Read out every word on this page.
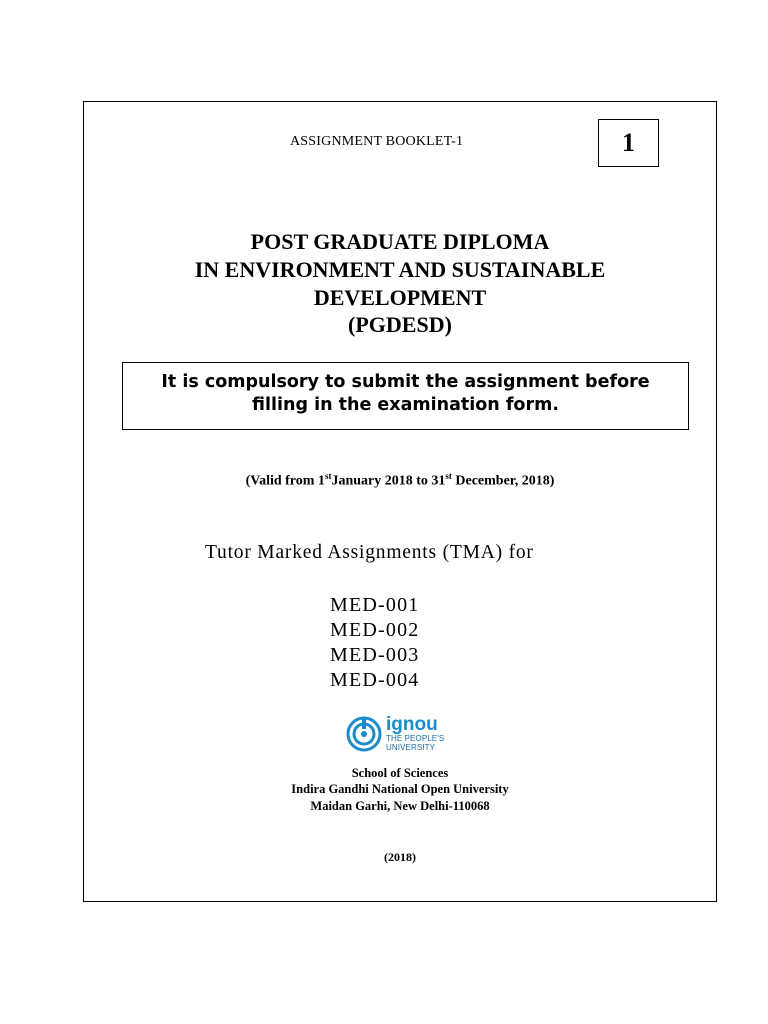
ASSIGNMENT BOOKLET-1	1
POST GRADUATE DIPLOMA
IN ENVIRONMENT AND SUSTAINABLE
DEVELOPMENT
(PGDESD)
It is compulsory to submit the assignment before
filling in the examination form.
(Valid from 1stJanuary 2018 to 31st December, 2018)
Tutor Marked Assignments (TMA) for
MED-001
MED-002
MED-003
MED-004
ignou
THE PEOPLE'S
UNIVERSITY
School of Sciences
Indira Gandhi National Open University
Maidan Garhi, New Delhi-110068
(2018)
